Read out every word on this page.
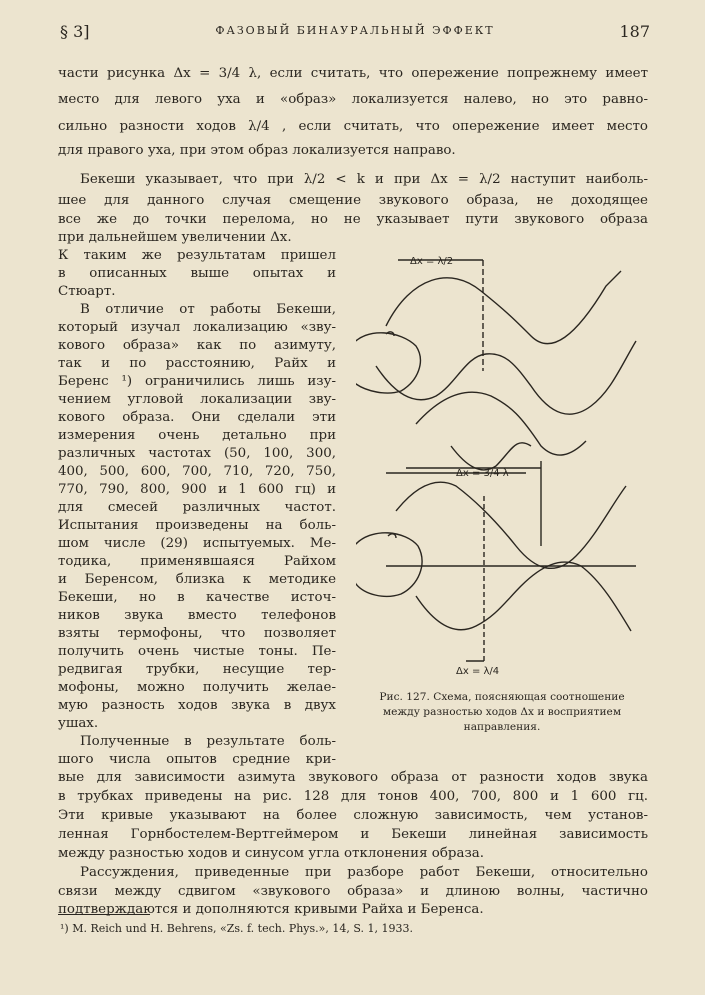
§ 3]	ФАЗОВЫЙ БИНАУРАЛЬНЫЙ ЭФФЕКТ	187
части рисунка Δx = 3/4 λ, если считать, что опережение попрежнему имеет
место для левого уха и «образ» локализуется налево, но это равно-
сильно разности ходов λ/4 , если считать, что опережение имеет место
для правого уха, при этом образ локализуется направо.
Бекеши указывает, что при λ/2 < k и при Δx = λ/2 наступит наиболь-
шее для данного случая смещение звукового образа, не доходящее
все же до точки перелома, но не указывает пути звукового образа
при дальнейшем увеличении Δx.
К таким же результатам пришел
в описанных выше опытах и
Стюарт.
В отличие от работы Бекеши,
который изучал локализацию «зву-
кового образа» как по азимуту,
так и по расстоянию, Райх и
Беренс ¹) ограничились лишь изу-
чением угловой локализации зву-
кового образа. Они сделали эти
измерения очень детально при
различных частотах (50, 100, 300,
400, 500, 600, 700, 710, 720, 750,
770, 790, 800, 900 и 1 600 гц) и
для смесей различных частот.
Испытания произведены на боль-
шом числе (29) испытуемых. Ме-
тодика, применявшаяся Райхом
и Беренсом, близка к методике
Бекеши, но в качестве источ-
ников звука вместо телефонов
взяты термофоны, что позволяет
получить очень чистые тоны. Пе-
редвигая трубки, несущие тер-
мофоны, можно получить желае-
мую разность ходов звука в двух
ушах.
Полученные в результате боль-
шого числа опытов средние кри-
вые для зависимости азимута звукового образа от разности ходов звука
в трубках приведены на рис. 128 для тонов 400, 700, 800 и 1 600 гц.
Эти кривые указывают на более сложную зависимость, чем установ-
ленная Горнбостелем-Вертгеймером и Бекеши линейная зависимость
между разностью ходов и синусом угла отклонения образа.
Рассуждения, приведенные при разборе работ Бекеши, относительно
связи между сдвигом «звукового образа» и длиною волны, частично
подтверждаются и дополняются кривыми Райха и Беренса.
Δx = λ/2
Δx = 3/4 λ
Δx = λ/4
Рис. 127. Схема, поясняющая соотношение
между разностью ходов Δx и восприятием
направления.
¹) M. Reich und H. Behrens, «Zs. f. tech. Phys.», 14, S. 1, 1933.
